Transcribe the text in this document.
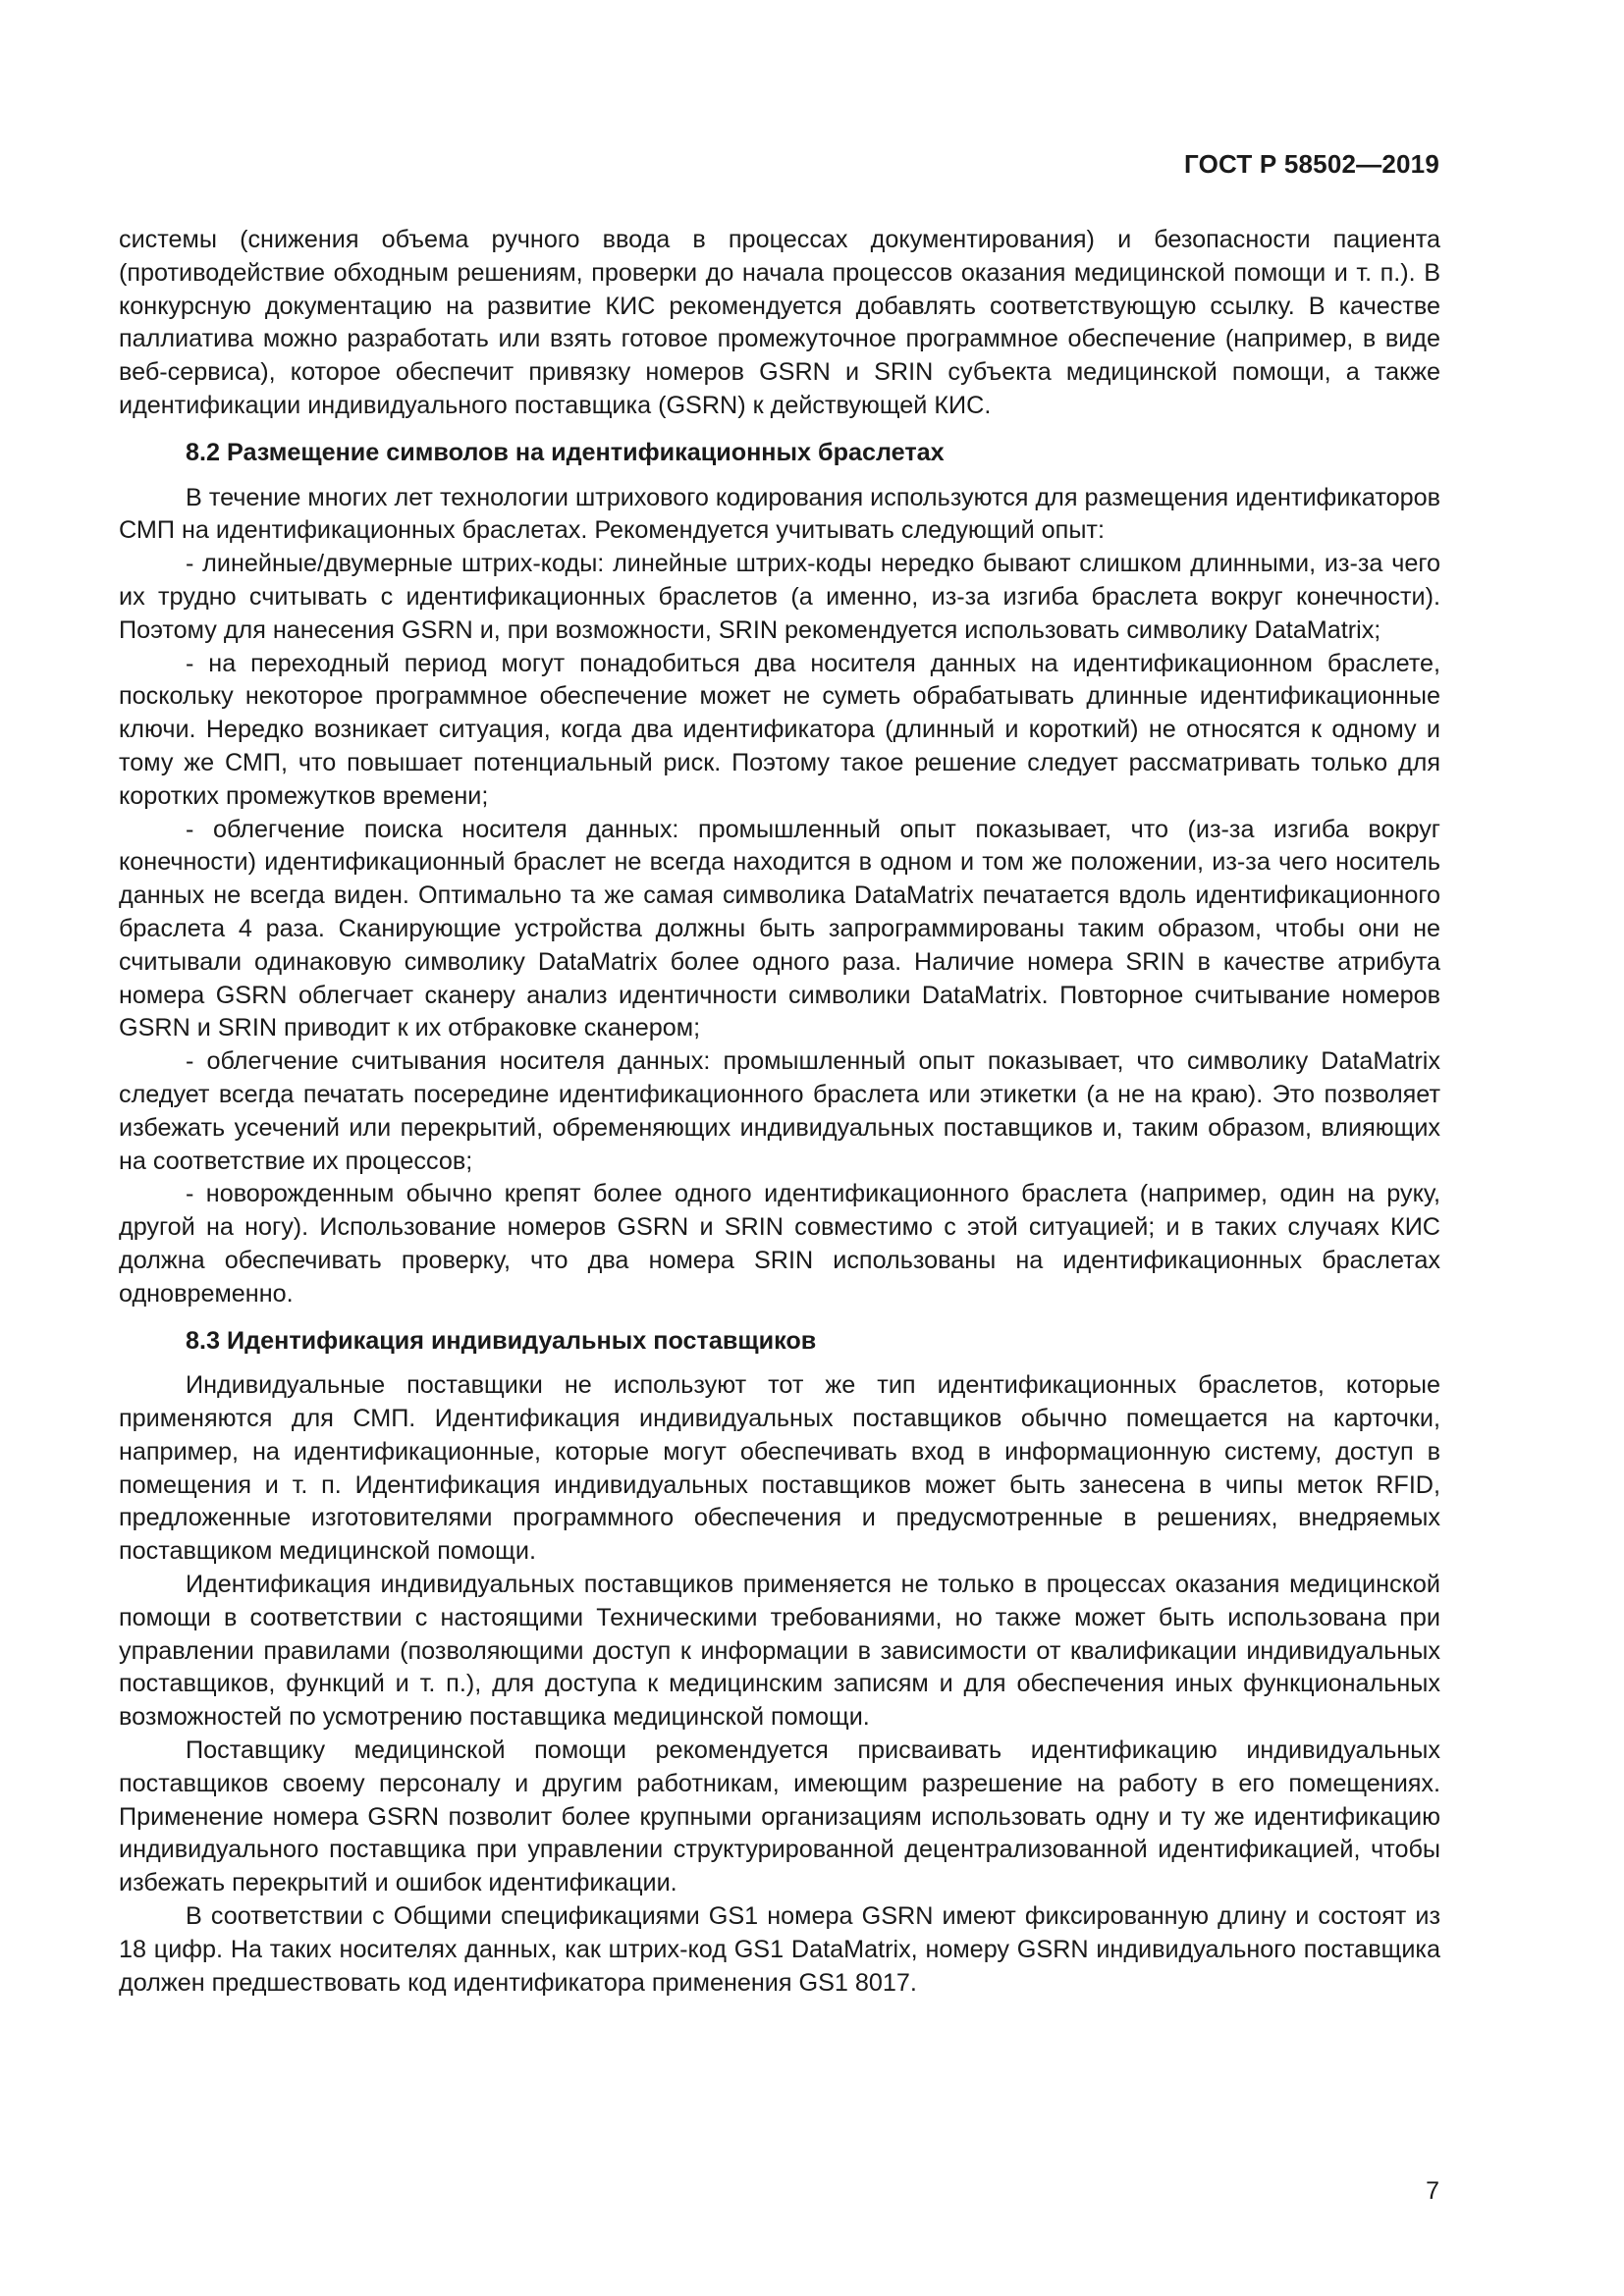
ГОСТ Р 58502—2019

системы (снижения объема ручного ввода в процессах документирования) и безопасности пациента (противодействие обходным решениям, проверки до начала процессов оказания медицинской помощи и т. п.). В конкурсную документацию на развитие КИС рекомендуется добавлять соответствующую ссылку. В качестве паллиатива можно разработать или взять готовое промежуточное программное обеспечение (например, в виде веб-сервиса), которое обеспечит привязку номеров GSRN и SRIN субъекта медицинской помощи, а также идентификации индивидуального поставщика (GSRN) к действующей КИС.

8.2 Размещение символов на идентификационных браслетах

В течение многих лет технологии штрихового кодирования используются для размещения идентификаторов СМП на идентификационных браслетах. Рекомендуется учитывать следующий опыт:

- линейные/двумерные штрих-коды: линейные штрих-коды нередко бывают слишком длинными, из-за чего их трудно считывать с идентификационных браслетов (а именно, из-за изгиба браслета вокруг конечности). Поэтому для нанесения GSRN и, при возможности, SRIN рекомендуется использовать символику DataMatrix;

- на переходный период могут понадобиться два носителя данных на идентификационном браслете, поскольку некоторое программное обеспечение может не суметь обрабатывать длинные идентификационные ключи. Нередко возникает ситуация, когда два идентификатора (длинный и короткий) не относятся к одному и тому же СМП, что повышает потенциальный риск. Поэтому такое решение следует рассматривать только для коротких промежутков времени;

- облегчение поиска носителя данных: промышленный опыт показывает, что (из-за изгиба вокруг конечности) идентификационный браслет не всегда находится в одном и том же положении, из-за чего носитель данных не всегда виден. Оптимально та же самая символика DataMatrix печатается вдоль идентификационного браслета 4 раза. Сканирующие устройства должны быть запрограммированы таким образом, чтобы они не считывали одинаковую символику DataMatrix более одного раза. Наличие номера SRIN в качестве атрибута номера GSRN облегчает сканеру анализ идентичности символики DataMatrix. Повторное считывание номеров GSRN и SRIN приводит к их отбраковке сканером;

- облегчение считывания носителя данных: промышленный опыт показывает, что символику DataMatrix следует всегда печатать посередине идентификационного браслета или этикетки (а не на краю). Это позволяет избежать усечений или перекрытий, обременяющих индивидуальных поставщиков и, таким образом, влияющих на соответствие их процессов;

- новорожденным обычно крепят более одного идентификационного браслета (например, один на руку, другой на ногу). Использование номеров GSRN и SRIN совместимо с этой ситуацией; и в таких случаях КИС должна обеспечивать проверку, что два номера SRIN использованы на идентификационных браслетах одновременно.

8.3 Идентификация индивидуальных поставщиков

Индивидуальные поставщики не используют тот же тип идентификационных браслетов, которые применяются для СМП. Идентификация индивидуальных поставщиков обычно помещается на карточки, например, на идентификационные, которые могут обеспечивать вход в информационную систему, доступ в помещения и т. п. Идентификация индивидуальных поставщиков может быть занесена в чипы меток RFID, предложенные изготовителями программного обеспечения и предусмотренные в решениях, внедряемых поставщиком медицинской помощи.

Идентификация индивидуальных поставщиков применяется не только в процессах оказания медицинской помощи в соответствии с настоящими Техническими требованиями, но также может быть использована при управлении правилами (позволяющими доступ к информации в зависимости от квалификации индивидуальных поставщиков, функций и т. п.), для доступа к медицинским записям и для обеспечения иных функциональных возможностей по усмотрению поставщика медицинской помощи.

Поставщику медицинской помощи рекомендуется присваивать идентификацию индивидуальных поставщиков своему персоналу и другим работникам, имеющим разрешение на работу в его помещениях. Применение номера GSRN позволит более крупными организациям использовать одну и ту же идентификацию индивидуального поставщика при управлении структурированной децентрализованной идентификацией, чтобы избежать перекрытий и ошибок идентификации.

В соответствии с Общими спецификациями GS1 номера GSRN имеют фиксированную длину и состоят из 18 цифр. На таких носителях данных, как штрих-код GS1 DataMatrix, номеру GSRN индивидуального поставщика должен предшествовать код идентификатора применения GS1 8017.

7
